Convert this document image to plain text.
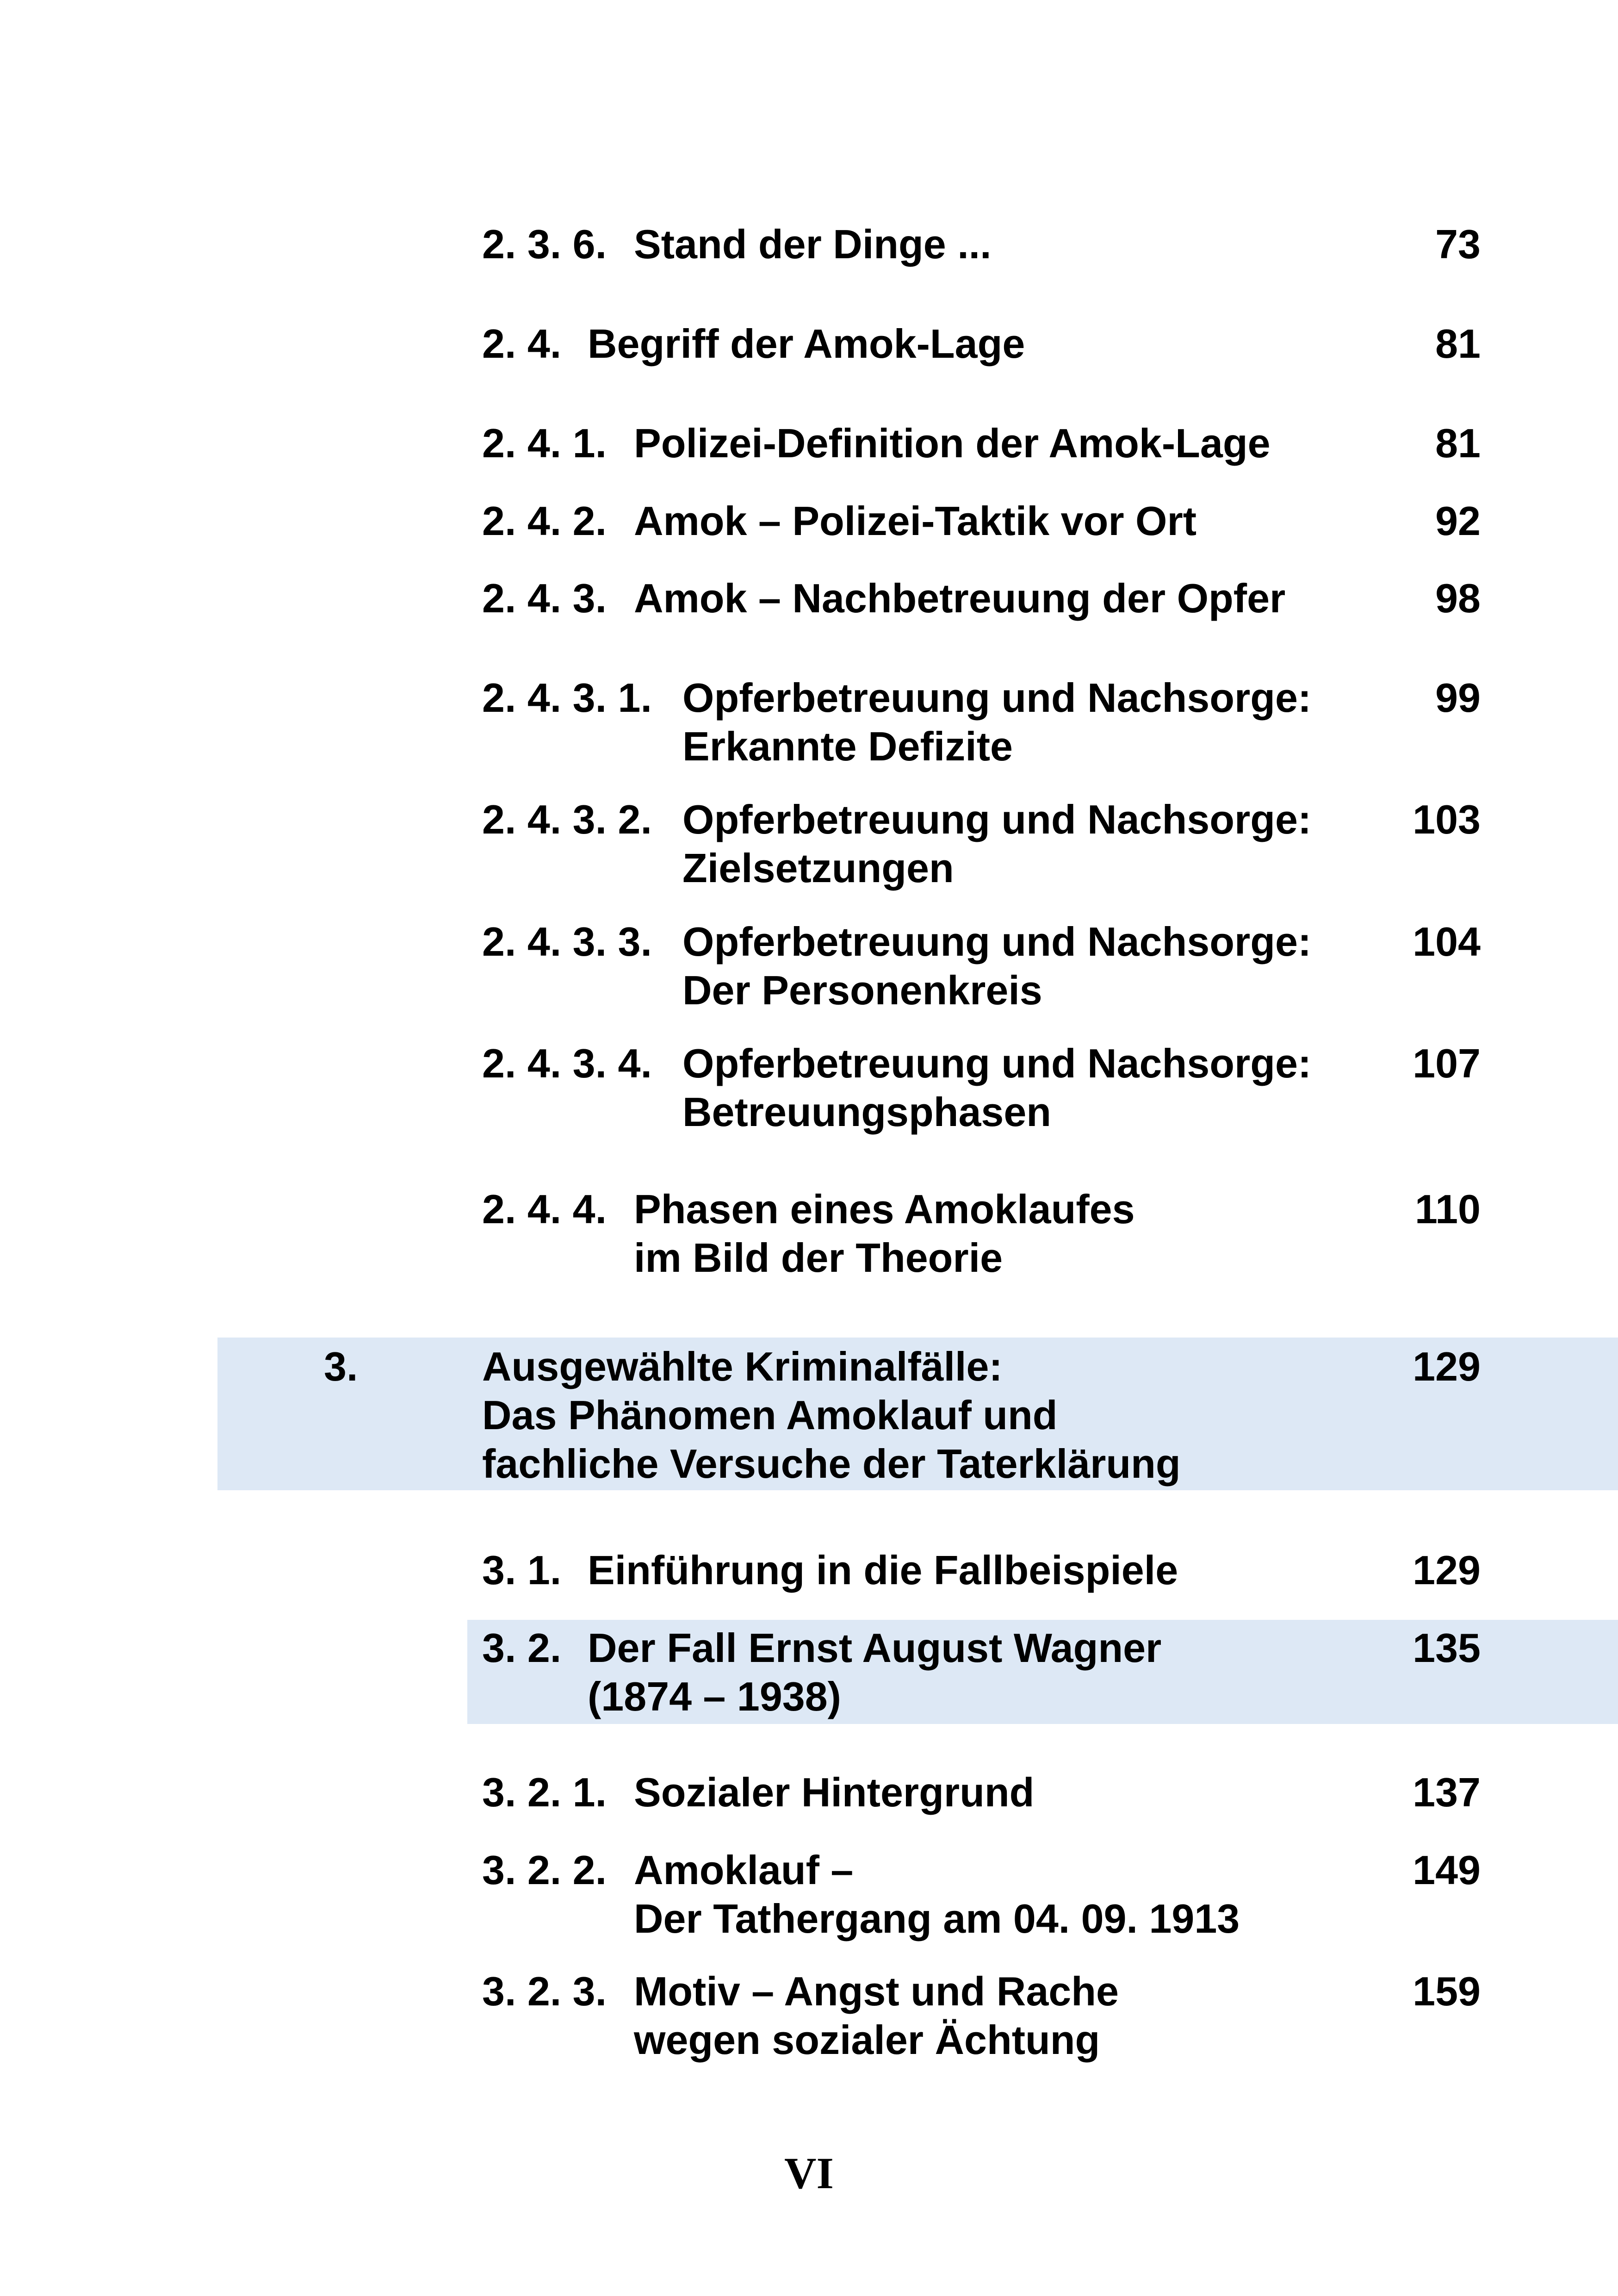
2. 3. 6. Stand der Dinge ...	73
2. 4. Begriff der Amok-Lage	81
2. 4. 1. Polizei-Definition der Amok-Lage	81
2. 4. 2. Amok – Polizei-Taktik vor Ort	92
2. 4. 3. Amok – Nachbetreuung der Opfer	98
2. 4. 3. 1. Opferbetreuung und Nachsorge:	99
Erkannte Defizite
2. 4. 3. 2. Opferbetreuung und Nachsorge:	103
Zielsetzungen
2. 4. 3. 3. Opferbetreuung und Nachsorge:	104
Der Personenkreis
2. 4. 3. 4. Opferbetreuung und Nachsorge:	107
Betreuungsphasen
2. 4. 4. Phasen eines Amoklaufes	110
im Bild der Theorie
3.	Ausgewählte Kriminalfälle:	129
Das Phänomen Amoklauf und
fachliche Versuche der Taterklärung
3. 1. Einführung in die Fallbeispiele	129
3. 2. Der Fall Ernst August Wagner	135
(1874 – 1938)
3. 2. 1. Sozialer Hintergrund	137
3. 2. 2. Amoklauf –	149
Der Tathergang am 04. 09. 1913
3. 2. 3. Motiv – Angst und Rache	159
wegen sozialer Ächtung
VI
